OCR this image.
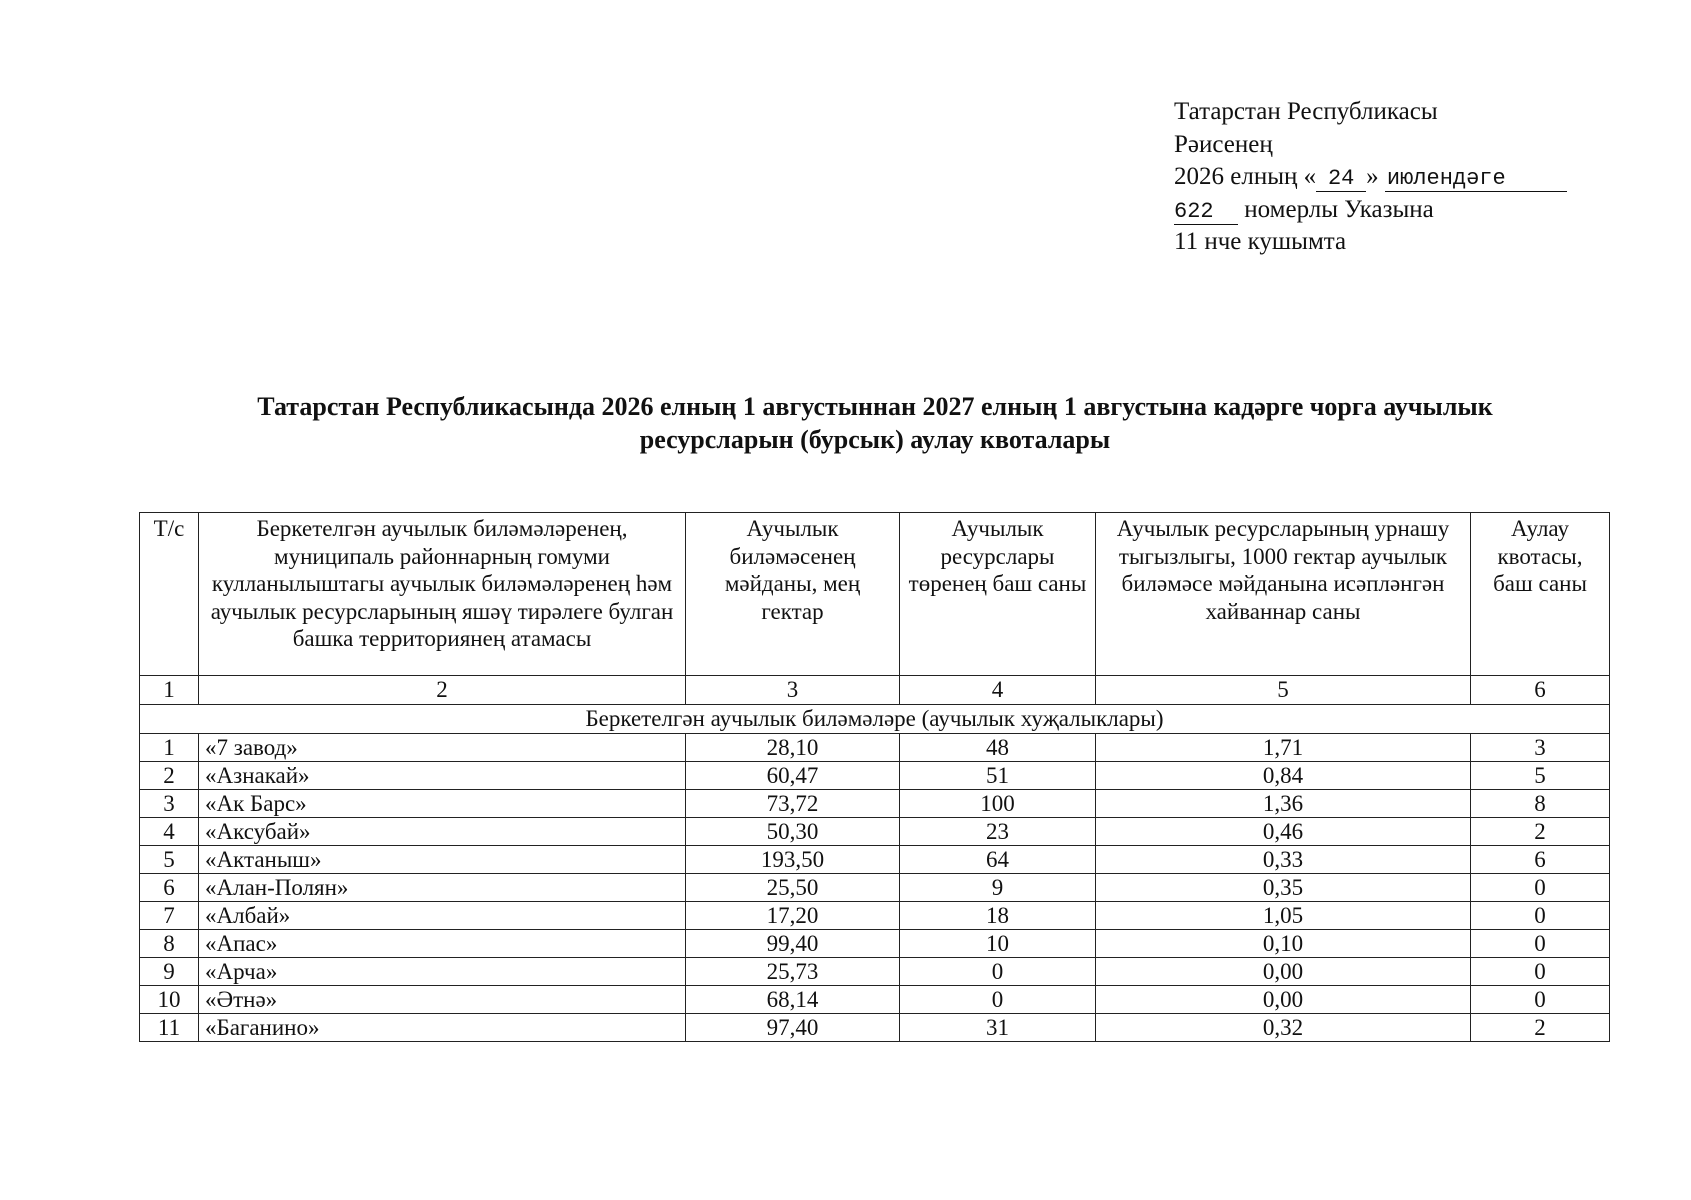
Татарстан Республикасы
Рәисенең
2026 елның « 24 » июлендәге
622 номерлы Указына
11 нче кушымта
Татарстан Республикасында 2026 елның 1 августыннан 2027 елның 1 августына кадәрге чорга аучылык
ресурсларын (бурсык) аулау квоталары
Т/с	Беркетелгән аучылык биләмәләренең, муниципаль районнарның гомуми кулланылыштагы аучылык биләмәләренең һәм аучылык ресурсларының яшәү тирәлеге булган башка территориянең атамасы	Аучылык биләмәсенең мәйданы, мең гектар	Аучылык ресурслары төренең баш саны	Аучылык ресурсларының урнашу тыгызлыгы, 1000 гектар аучылык биләмәсе мәйданына исәпләнгән хайваннар саны	Аулау квотасы, баш саны
1	2	3	4	5	6
Беркетелгән аучылык биләмәләре (аучылык хуҗалыклары)					
1	«7 завод»	28,10	48	1,71	3
2	«Азнакай»	60,47	51	0,84	5
3	«Ак Барс»	73,72	100	1,36	8
4	«Аксубай»	50,30	23	0,46	2
5	«Актаныш»	193,50	64	0,33	6
6	«Алан-Полян»	25,50	9	0,35	0
7	«Албай»	17,20	18	1,05	0
8	«Апас»	99,40	10	0,10	0
9	«Арча»	25,73	0	0,00	0
10	«Әтнә»	68,14	0	0,00	0
11	«Баганино»	97,40	31	0,32	2
